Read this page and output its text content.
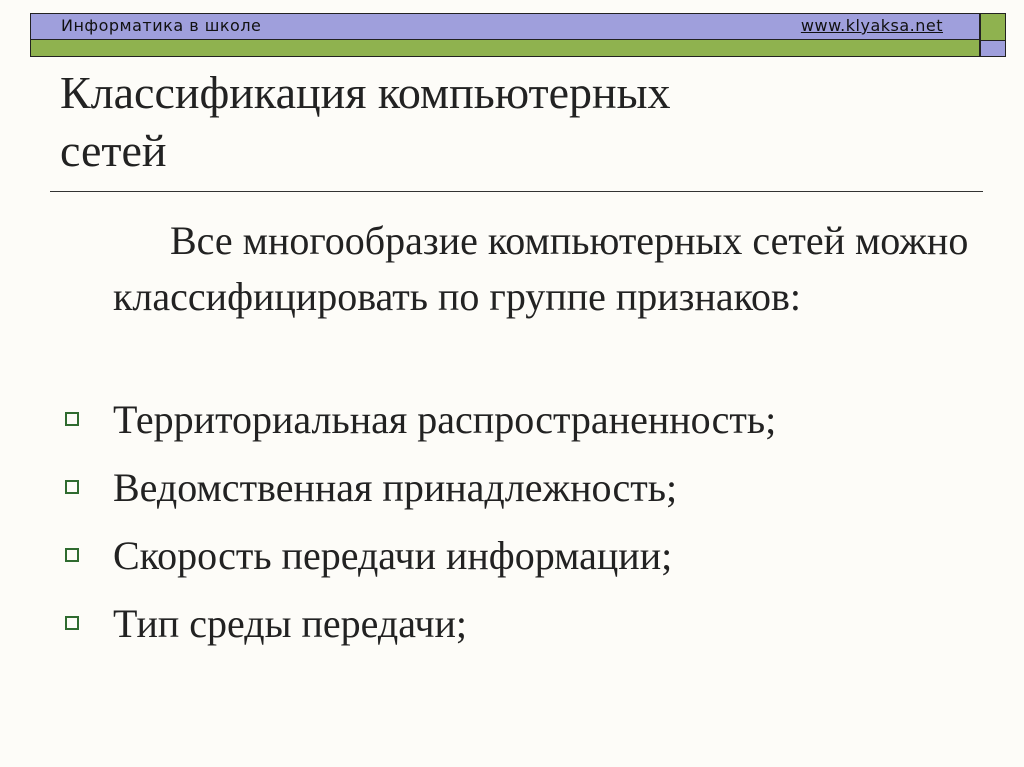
Информатика в школе	www.klyaksa.net
Классификация компьютерных
сетей

Все многообразие компьютерных сетей можно классифицировать по группе признаков:

Территориальная распространенность;
Ведомственная принадлежность;
Скорость передачи информации;
Тип среды передачи;
